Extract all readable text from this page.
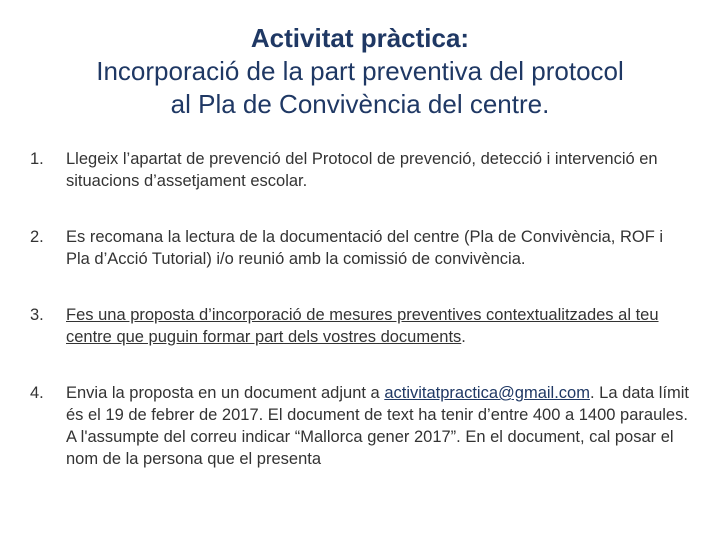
Activitat pràctica:
Incorporació de la part preventiva del protocol
al Pla de Convivència del centre.
1. Llegeix l’apartat de prevenció del Protocol de prevenció, detecció i intervenció en situacions d’assetjament escolar.
2. Es recomana la lectura de la documentació del centre (Pla de Convivència, ROF i Pla d’Acció Tutorial) i/o reunió amb la comissió de convivència.
3. Fes una proposta d’incorporació de mesures preventives contextualitzades al teu centre que puguin formar part dels vostres documents.
4. Envia la proposta en un document adjunt a activitatpractica@gmail.com. La data límit és el 19 de febrer de 2017. El document de text ha tenir d’entre 400 a 1400 paraules. A l'assumpte del correu indicar “Mallorca gener 2017”. En el document, cal posar el nom de la persona que el presenta
